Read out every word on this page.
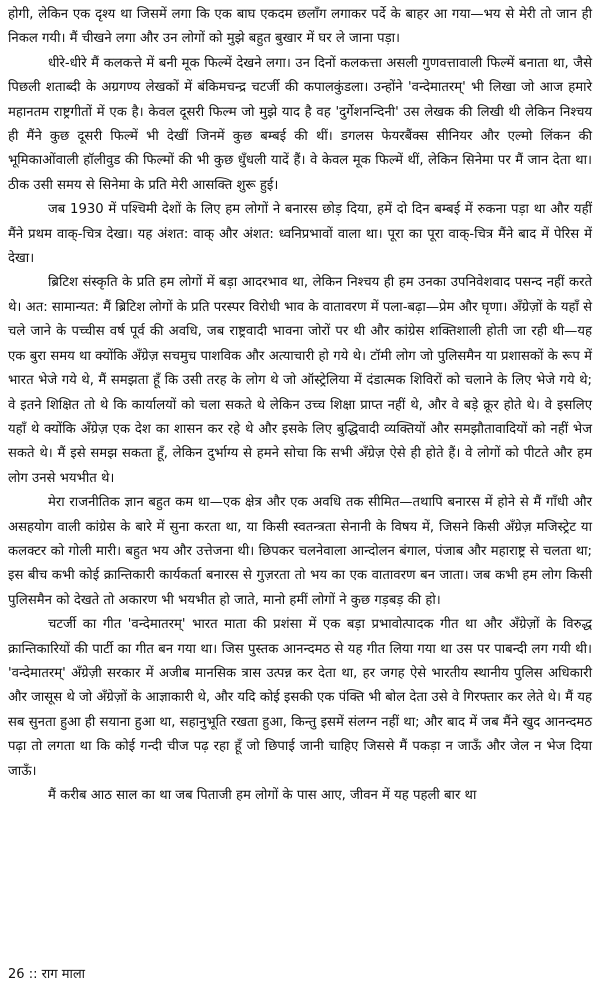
होगी, लेकिन एक दृश्य था जिसमें लगा कि एक बाघ एकदम छलाँग लगाकर पर्दे के बाहर आ गया—भय से मेरी तो जान ही निकल गयी। मैं चीखने लगा और उन लोगों को मुझे बहुत बुखार में घर ले जाना पड़ा।

धीरे-धीरे मैं कलकत्ते में बनी मूक फिल्में देखने लगा। उन दिनों कलकत्ता असली गुणवत्तावाली फिल्में बनाता था, जैसे पिछली शताब्दी के अग्रगण्य लेखकों में बंकिमचन्द्र चटर्जी की कपालकुंडला। उन्होंने 'वन्देमातरम्' भी लिखा जो आज हमारे महानतम राष्ट्रगीतों में एक है। केवल दूसरी फिल्म जो मुझे याद है वह 'दुर्गेशनन्दिनी' उस लेखक की लिखी थी लेकिन निश्चय ही मैंने कुछ दूसरी फिल्में भी देखीं जिनमें कुछ बम्बई की थीं। डगलस फेयरबैंक्स सीनियर और एल्मो लिंकन की भूमिकाओंवाली हॉलीवुड की फिल्मों की भी कुछ धुँधली यादें हैं। वे केवल मूक फिल्में थीं, लेकिन सिनेमा पर मैं जान देता था। ठीक उसी समय से सिनेमा के प्रति मेरी आसक्ति शुरू हुई।

जब 1930 में पश्चिमी देशों के लिए हम लोगों ने बनारस छोड़ दिया, हमें दो दिन बम्बई में रुकना पड़ा था और यहीं मैंने प्रथम वाक्-चित्र देखा। यह अंशत: वाक् और अंशत: ध्वनिप्रभावों वाला था। पूरा का पूरा वाक्-चित्र मैंने बाद में पेरिस में देखा।

ब्रिटिश संस्कृति के प्रति हम लोगों में बड़ा आदरभाव था, लेकिन निश्चय ही हम उनका उपनिवेशवाद पसन्द नहीं करते थे। अत: सामान्यत: मैं ब्रिटिश लोगों के प्रति परस्पर विरोधी भाव के वातावरण में पला-बढ़ा—प्रेम और घृणा। अँग्रेज़ों के यहाँ से चले जाने के पच्चीस वर्ष पूर्व की अवधि, जब राष्ट्रवादी भावना जोरों पर थी और कांग्रेस शक्तिशाली होती जा रही थी—यह एक बुरा समय था क्योंकि अँग्रेज़ सचमुच पाशविक और अत्याचारी हो गये थे। टॉमी लोग जो पुलिसमैन या प्रशासकों के रूप में भारत भेजे गये थे, मैं समझता हूँ कि उसी तरह के लोग थे जो ऑस्ट्रेलिया में दंडात्मक शिविरों को चलाने के लिए भेजे गये थे; वे इतने शिक्षित तो थे कि कार्यालयों को चला सकते थे लेकिन उच्च शिक्षा प्राप्त नहीं थे, और वे बड़े क्रूर होते थे। वे इसलिए यहाँ थे क्योंकि अँग्रेज़ एक देश का शासन कर रहे थे और इसके लिए बुद्धिवादी व्यक्तियों और समझौतावादियों को नहीं भेज सकते थे। मैं इसे समझ सकता हूँ, लेकिन दुर्भाग्य से हमने सोचा कि सभी अँग्रेज़ ऐसे ही होते हैं। वे लोगों को पीटते और हम लोग उनसे भयभीत थे।

मेरा राजनीतिक ज्ञान बहुत कम था—एक क्षेत्र और एक अवधि तक सीमित—तथापि बनारस में होने से मैं गाँधी और असहयोग वाली कांग्रेस के बारे में सुना करता था, या किसी स्वतन्त्रता सेनानी के विषय में, जिसने किसी अँग्रेज़ मजिस्ट्रेट या कलक्टर को गोली मारी। बहुत भय और उत्तेजना थी। छिपकर चलनेवाला आन्दोलन बंगाल, पंजाब और महाराष्ट्र से चलता था; इस बीच कभी कोई क्रान्तिकारी कार्यकर्ता बनारस से गुज़रता तो भय का एक वातावरण बन जाता। जब कभी हम लोग किसी पुलिसमैन को देखते तो अकारण भी भयभीत हो जाते, मानो हमीं लोगों ने कुछ गड़बड़ की हो।

चटर्जी का गीत 'वन्देमातरम्' भारत माता की प्रशंसा में एक बड़ा प्रभावोत्पादक गीत था और अँग्रेज़ों के विरुद्ध क्रान्तिकारियों की पार्टी का गीत बन गया था। जिस पुस्तक आनन्दमठ से यह गीत लिया गया था उस पर पाबन्दी लग गयी थी। 'वन्देमातरम्' अँग्रेज़ी सरकार में अजीब मानसिक त्रास उत्पन्न कर देता था, हर जगह ऐसे भारतीय स्थानीय पुलिस अधिकारी और जासूस थे जो अँग्रेज़ों के आज्ञाकारी थे, और यदि कोई इसकी एक पंक्ति भी बोल देता उसे वे गिरफ्तार कर लेते थे। मैं यह सब सुनता हुआ ही सयाना हुआ था, सहानुभूति रखता हुआ, किन्तु इसमें संलग्न नहीं था; और बाद में जब मैंने खुद आनन्दमठ पढ़ा तो लगता था कि कोई गन्दी चीज पढ़ रहा हूँ जो छिपाई जानी चाहिए जिससे मैं पकड़ा न जाऊँ और जेल न भेज दिया जाऊँ।

मैं करीब आठ साल का था जब पिताजी हम लोगों के पास आए, जीवन में यह पहली बार था

26 :: राग माला
